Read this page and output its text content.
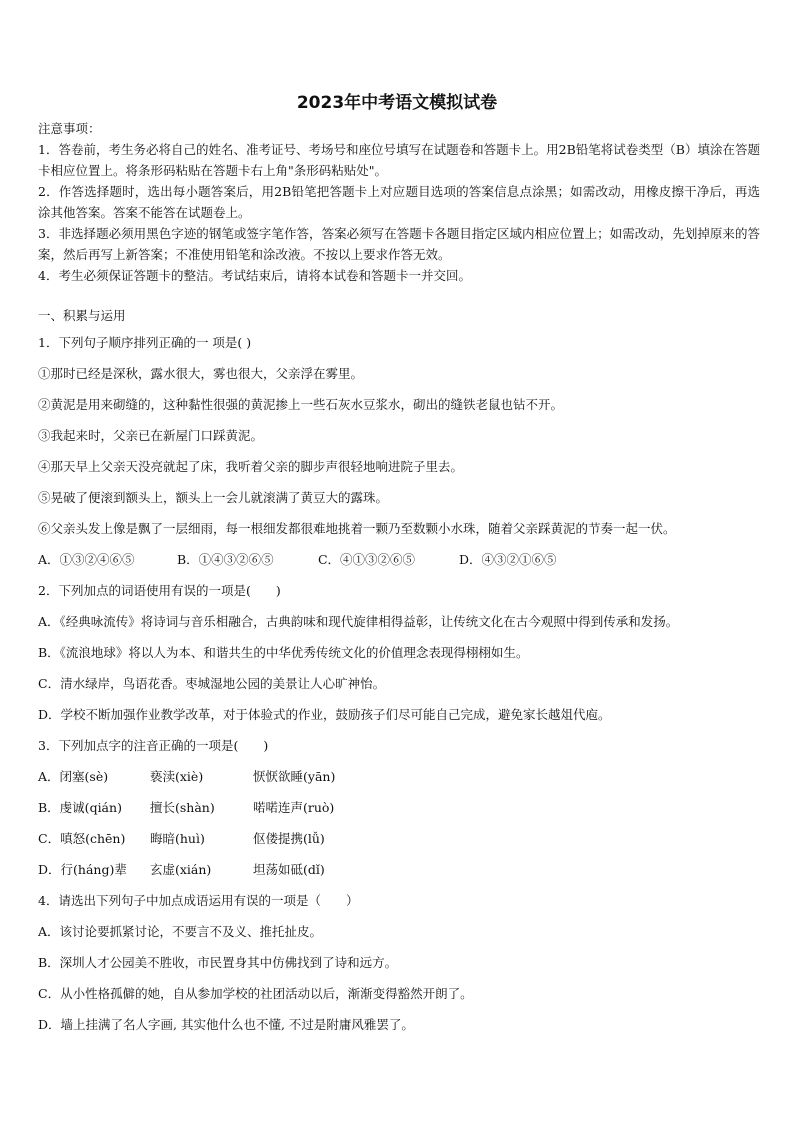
2023年中考语文模拟试卷

注意事项：

1．答卷前，考生务必将自己的姓名、准考证号、考场号和座位号填写在试题卷和答题卡上。用2B铅笔将试卷类型（B）填涂在答题卡相应位置上。将条形码粘贴在答题卡右上角"条形码粘贴处"。

2．作答选择题时，选出每小题答案后，用2B铅笔把答题卡上对应题目选项的答案信息点涂黑；如需改动，用橡皮擦干净后，再选涂其他答案。答案不能答在试题卷上。

3．非选择题必须用黑色字迹的钢笔或签字笔作答，答案必须写在答题卡各题目指定区域内相应位置上；如需改动，先划掉原来的答案，然后再写上新答案；不准使用铅笔和涂改液。不按以上要求作答无效。

4．考生必须保证答题卡的整洁。考试结束后，请将本试卷和答题卡一并交回。

一、积累与运用
1．下列句子顺序排列正确的一 项是( )
①那时已经是深秋，露水很大，雾也很大，父亲浮在雾里。
②黄泥是用来砌缝的，这种黏性很强的黄泥掺上一些石灰水豆浆水，砌出的缝铁老鼠也钻不开。
③我起来时，父亲已在新屋门口踩黄泥。
④那天早上父亲天没亮就起了床，我听着父亲的脚步声很轻地响进院子里去。
⑤晃破了便滚到额头上，额头上一会儿就滚满了黄豆大的露珠。
⑥父亲头发上像是飘了一层细雨，每一根细发都很难地挑着一颗乃至数颗小水珠，随着父亲踩黄泥的节奏一起一伏。
A．①③②④⑥⑤	B．①④③②⑥⑤	C．④①③②⑥⑤	D．④③②①⑥⑤
2．下列加点的词语使用有误的一项是(　　)
A．《经典咏流传》将诗词与音乐相融合，古典韵味和现代旋律相得益彰，让传统文化在古今观照中得到传承和发扬。
B．《流浪地球》将以人为本、和谐共生的中华优秀传统文化的价值理念表现得栩栩如生。
C．清水绿岸，鸟语花香。枣城湿地公园的美景让人心旷神怡。
D．学校不断加强作业教学改革，对于体验式的作业，鼓励孩子们尽可能自己完成，避免家长越俎代庖。
3．下列加点字的注音正确的一项是(　　)
A．闭塞(sè)	亵渎(xiè)	恹恹欲睡(yān)
B．虔诚(qián) 擅长(shàn)	喏喏连声(ruò)
C．嗔怒(chēn) 晦暗(huì)	伛偻提携(lǚ)
D．行(háng)辈 玄虚(xián)	坦荡如砥(dǐ)
4．请选出下列句子中加点成语运用有误的一项是（　　）
A．该讨论要抓紧讨论，不要言不及义、推托扯皮。
B．深圳人才公园美不胜收，市民置身其中仿佛找到了诗和远方。
C．从小性格孤僻的她，自从参加学校的社团活动以后，渐渐变得豁然开朗了。
D．墙上挂满了名人字画, 其实他什么也不懂, 不过是附庸风雅罢了。
